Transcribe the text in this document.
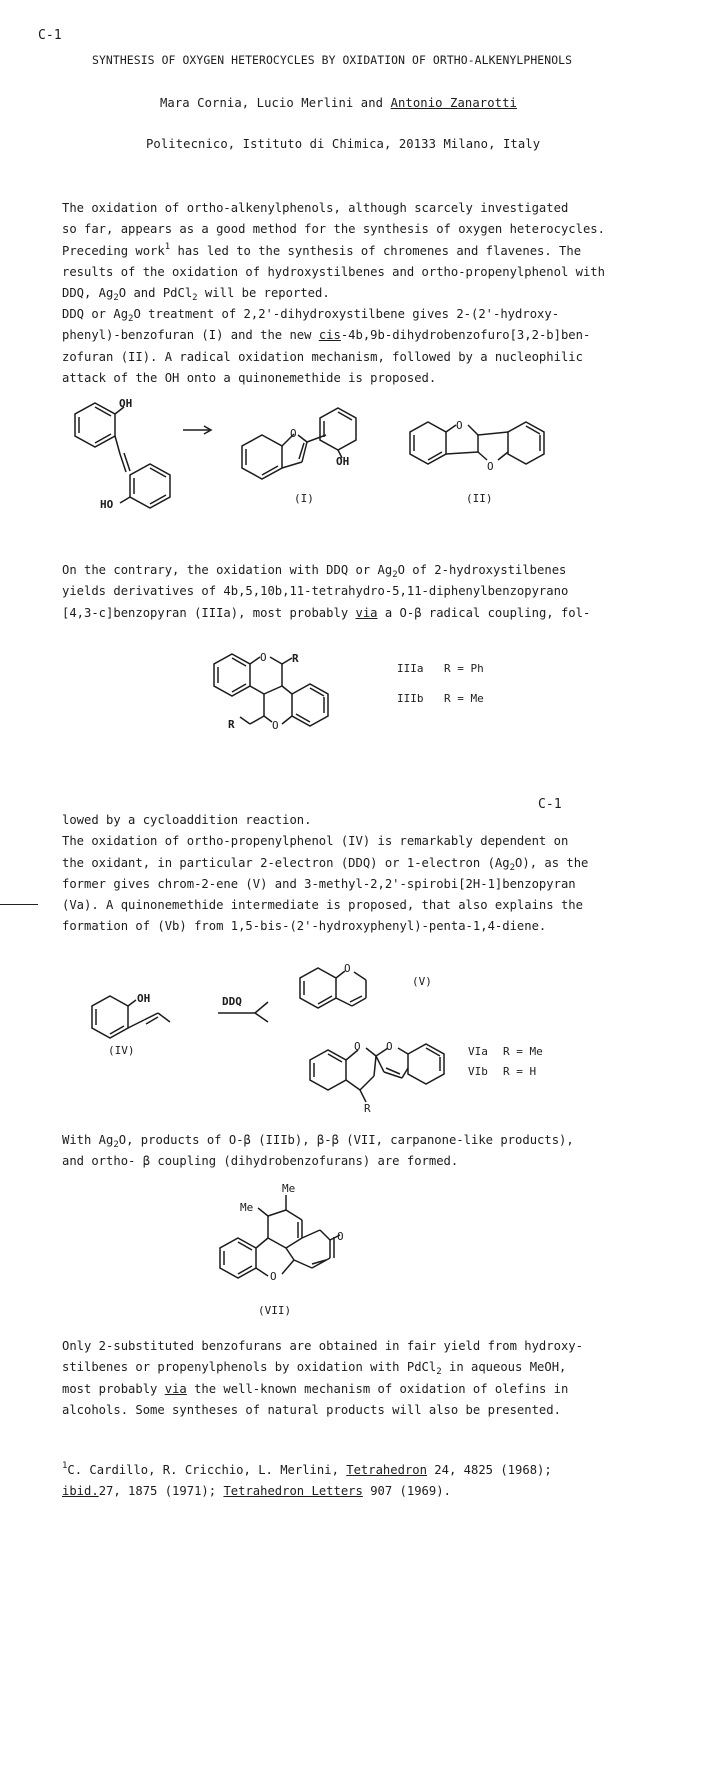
C-1
C-1
SYNTHESIS OF OXYGEN HETEROCYCLES BY OXIDATION OF ORTHO-ALKENYLPHENOLS
Mara Cornia, Lucio Merlini and Antonio Zanarotti
Politecnico, Istituto di Chimica, 20133 Milano, Italy
The oxidation of ortho-alkenylphenols, although scarcely investigated
so far, appears as a good method for the synthesis of oxygen heterocycles.
Preceding work$^1$ has led to the synthesis of chromenes and flavenes. The
results of the oxidation of hydroxystilbenes and ortho-propenylphenol with
DDQ, $Ag_2O$ and PdCl$_2$ will be reported.
DDQ or $Ag_2O$ treatment of 2,2'-dihydroxystilbene gives 2-(2'-hydroxy-
phenyl)-benzofuran (I) and the new cis-4b,9b-dihydrobenzofuro[3,2-b]ben-
zofuran (II). A radical oxidation mechanism, followed by a nucleophilic
attack of the OH onto a quinonemethide is proposed.
OH
HO
O
OH
O
O
(I)	(II)
On the contrary, the oxidation with DDQ or $Ag_2O$ of 2-hydroxystilbenes
yields derivatives of 4b,5,10b,11-tetrahydro-5,11-diphenylbenzopyrano
[4,3-c]benzopyran (IIIa), most probably via a O-β radical coupling, fol-
O R
R	O
IIIa R = Ph
IIIb R = Me
lowed by a cycloaddition reaction.
The oxidation of ortho-propenylphenol (IV) is remarkably dependent on
the oxidant, in particular 2-electron (DDQ) or 1-electron $(Ag_2O)$, as the
former gives chrom-2-ene (V) and 3-methyl-2,2'-spirobi[2H-1]benzopyran
(Va). A quinonemethide intermediate is proposed, that also explains the
formation of (Vb) from 1,5-bis-(2'-hydroxyphenyl)-penta-1,4-diene.
OH
(IV)
DDQ
O
(V)
O
R
O	VIa R = Me
VIb R = H
With $Ag_2O$, products of O-β (IIIb), β-β (VII, carpanone-like products),
and ortho- β coupling (dihydrobenzofurans) are formed.
Me
Me
O
O
(VII)
Only 2-substituted benzofurans are obtained in fair yield from hydroxy-
stilbenes or propenylphenols by oxidation with PdCl$_2$ in aqueous MeOH,
most probably via the well-known mechanism of oxidation of olefins in
alcohols. Some syntheses of natural products will also be presented.
$^1$C. Cardillo, R. Cricchio, L. Merlini, Tetrahedron 24, 4825 (1968);
ibid.27, 1875 (1971); Tetrahedron Letters 907 (1969).
